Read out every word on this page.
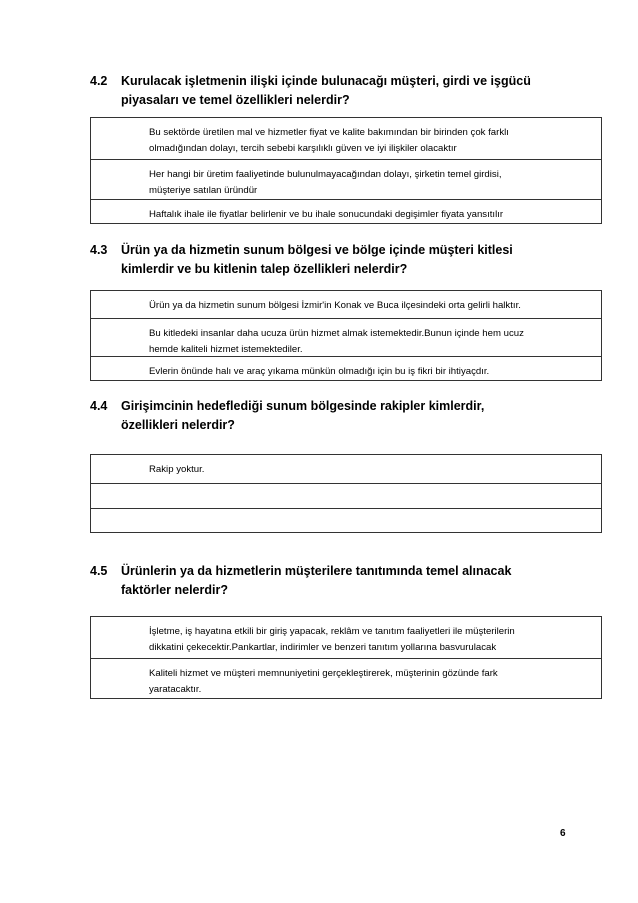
4.2 Kurulacak işletmenin ilişki içinde bulunacağı müşteri, girdi ve işgücü
piyasaları ve temel özellikleri nelerdir?
Bu sektörde üretilen mal ve hizmetler fiyat ve kalite bakımından bir birinden çok farklı
olmadığından dolayı, tercih sebebi karşılıklı güven ve iyi ilişkiler olacaktır
Her hangi bir üretim faaliyetinde bulunulmayacağından dolayı, şirketin temel girdisi,
müşteriye satılan üründür
Haftalık ihale ile fiyatlar belirlenir ve bu ihale sonucundaki degişimler fiyata yansıtılır
4.3 Ürün ya da hizmetin sunum bölgesi ve bölge içinde müşteri kitlesi
kimlerdir ve bu kitlenin talep özellikleri nelerdir?
Ürün ya da hizmetin sunum bölgesi İzmir'in Konak ve Buca ilçesindeki orta gelirli halktır.
Bu kitledeki insanlar daha ucuza ürün hizmet almak istemektedir.Bunun içinde hem ucuz
hemde kaliteli hizmet istemektediler.
Evlerin önünde halı ve araç yıkama münkün olmadığı için bu iş fikri bir ihtiyaçdır.
4.4 Girişimcinin hedeflediği sunum bölgesinde rakipler kimlerdir,
özellikleri nelerdir?
Rakip yoktur.
4.5 Ürünlerin ya da hizmetlerin müşterilere tanıtımında temel alınacak
faktörler nelerdir?
İşletme, iş hayatına etkili bir giriş yapacak, reklâm ve tanıtım faaliyetleri ile müşterilerin
dikkatini çekecektir.Pankartlar, indirimler ve benzeri tanıtım yollarına basvurulacak
Kaliteli hizmet ve müşteri memnuniyetini gerçekleştirerek, müşterinin gözünde fark
yaratacaktır.
6
